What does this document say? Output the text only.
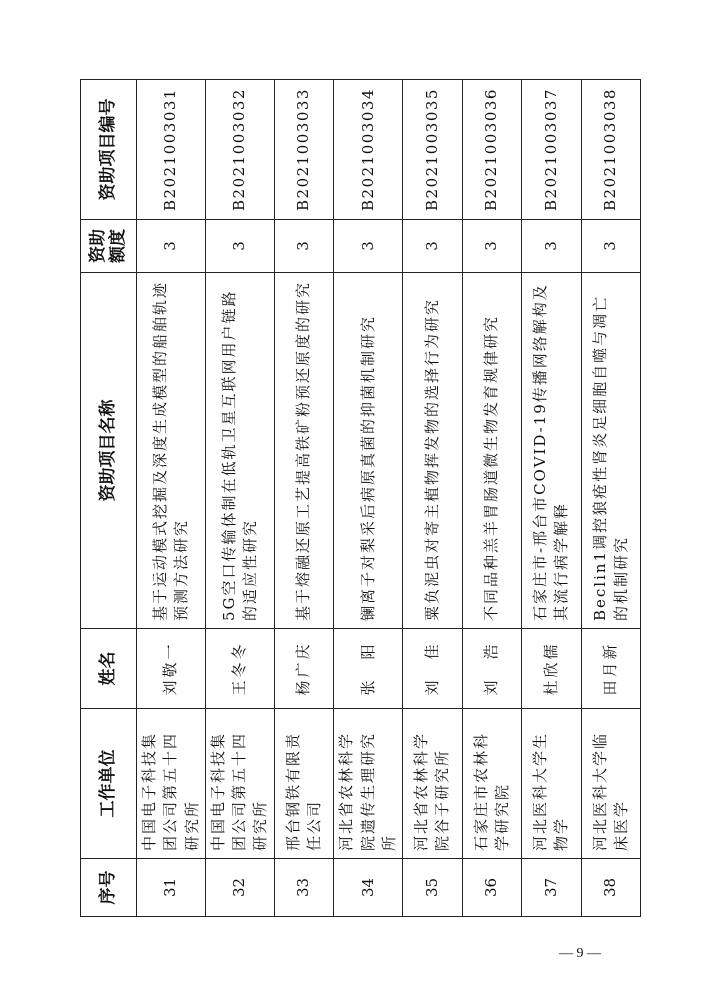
序号	工作单位	姓名	资助项目名称	资助额度	资助项目编号
31	中国电子科技集团公司第五十四研究所	刘敬一	基于运动模式挖掘及深度生成模型的船舶轨迹预测方法研究	3	B2021003031
32	中国电子科技集团公司第五十四研究所	王冬冬	5G空口传输体制在低轨卫星互联网用户链路的适应性研究	3	B2021003032
33	邢台钢铁有限责任公司	杨广庆	基于熔融还原工艺提高铁矿粉预还原度的研究	3	B2021003033
34	河北省农林科学院遗传生理研究所	张　阳	镧离子对梨采后病原真菌的抑菌机制研究	3	B2021003034
35	河北省农林科学院谷子研究所	刘　佳	粟负泥虫对寄主植物挥发物的选择行为研究	3	B2021003035
36	石家庄市农林科学研究院	刘　浩	不同品种羔羊胃肠道微生物发育规律研究	3	B2021003036
37	河北医科大学生物学	杜欣儒	石家庄市-邢台市COVID-19传播网络解构及其流行病学解释	3	B2021003037
38	河北医科大学临床医学	田月新	Beclin1调控狼疮性肾炎足细胞自噬与凋亡的机制研究	3	B2021003038
— 9 —
